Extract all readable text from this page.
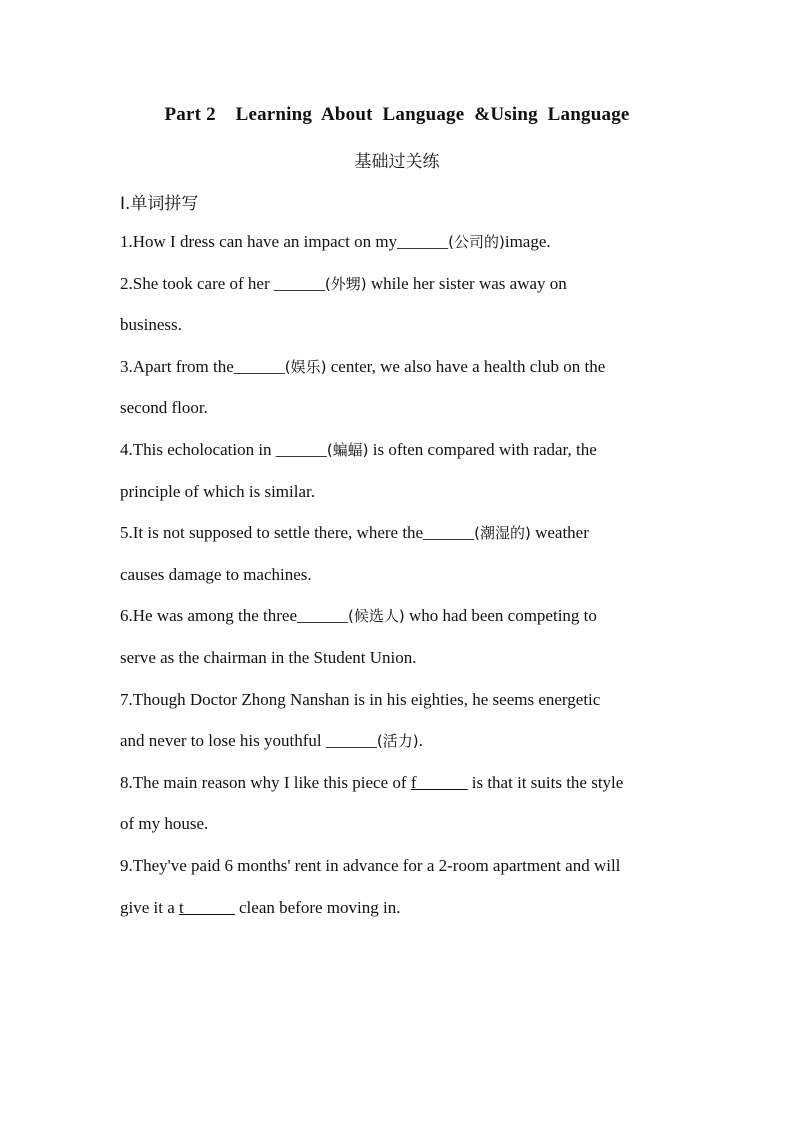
Part 2    Learning  About  Language  &Using  Language
基础过关练
Ⅰ.单词拼写
1.How I dress can have an impact on my______(公司的)image.
2.She took care of her ______(外甥) while her sister was away on
business.
3.Apart from the______(娱乐) center, we also have a health club on the
second floor.
4.This echolocation in ______(蝙蝠) is often compared with radar, the
principle of which is similar.
5.It is not supposed to settle there, where the______(潮湿的) weather
causes damage to machines.
6.He was among the three______(候选人) who had been competing to
serve as the chairman in the Student Union.
7.Though Doctor Zhong Nanshan is in his eighties, he seems energetic
and never to lose his youthful ______(活力).
8.The main reason why I like this piece of f______ is that it suits the style
of my house.
9.They've paid 6 months' rent in advance for a 2-room apartment and will
give it a t______ clean before moving in.
